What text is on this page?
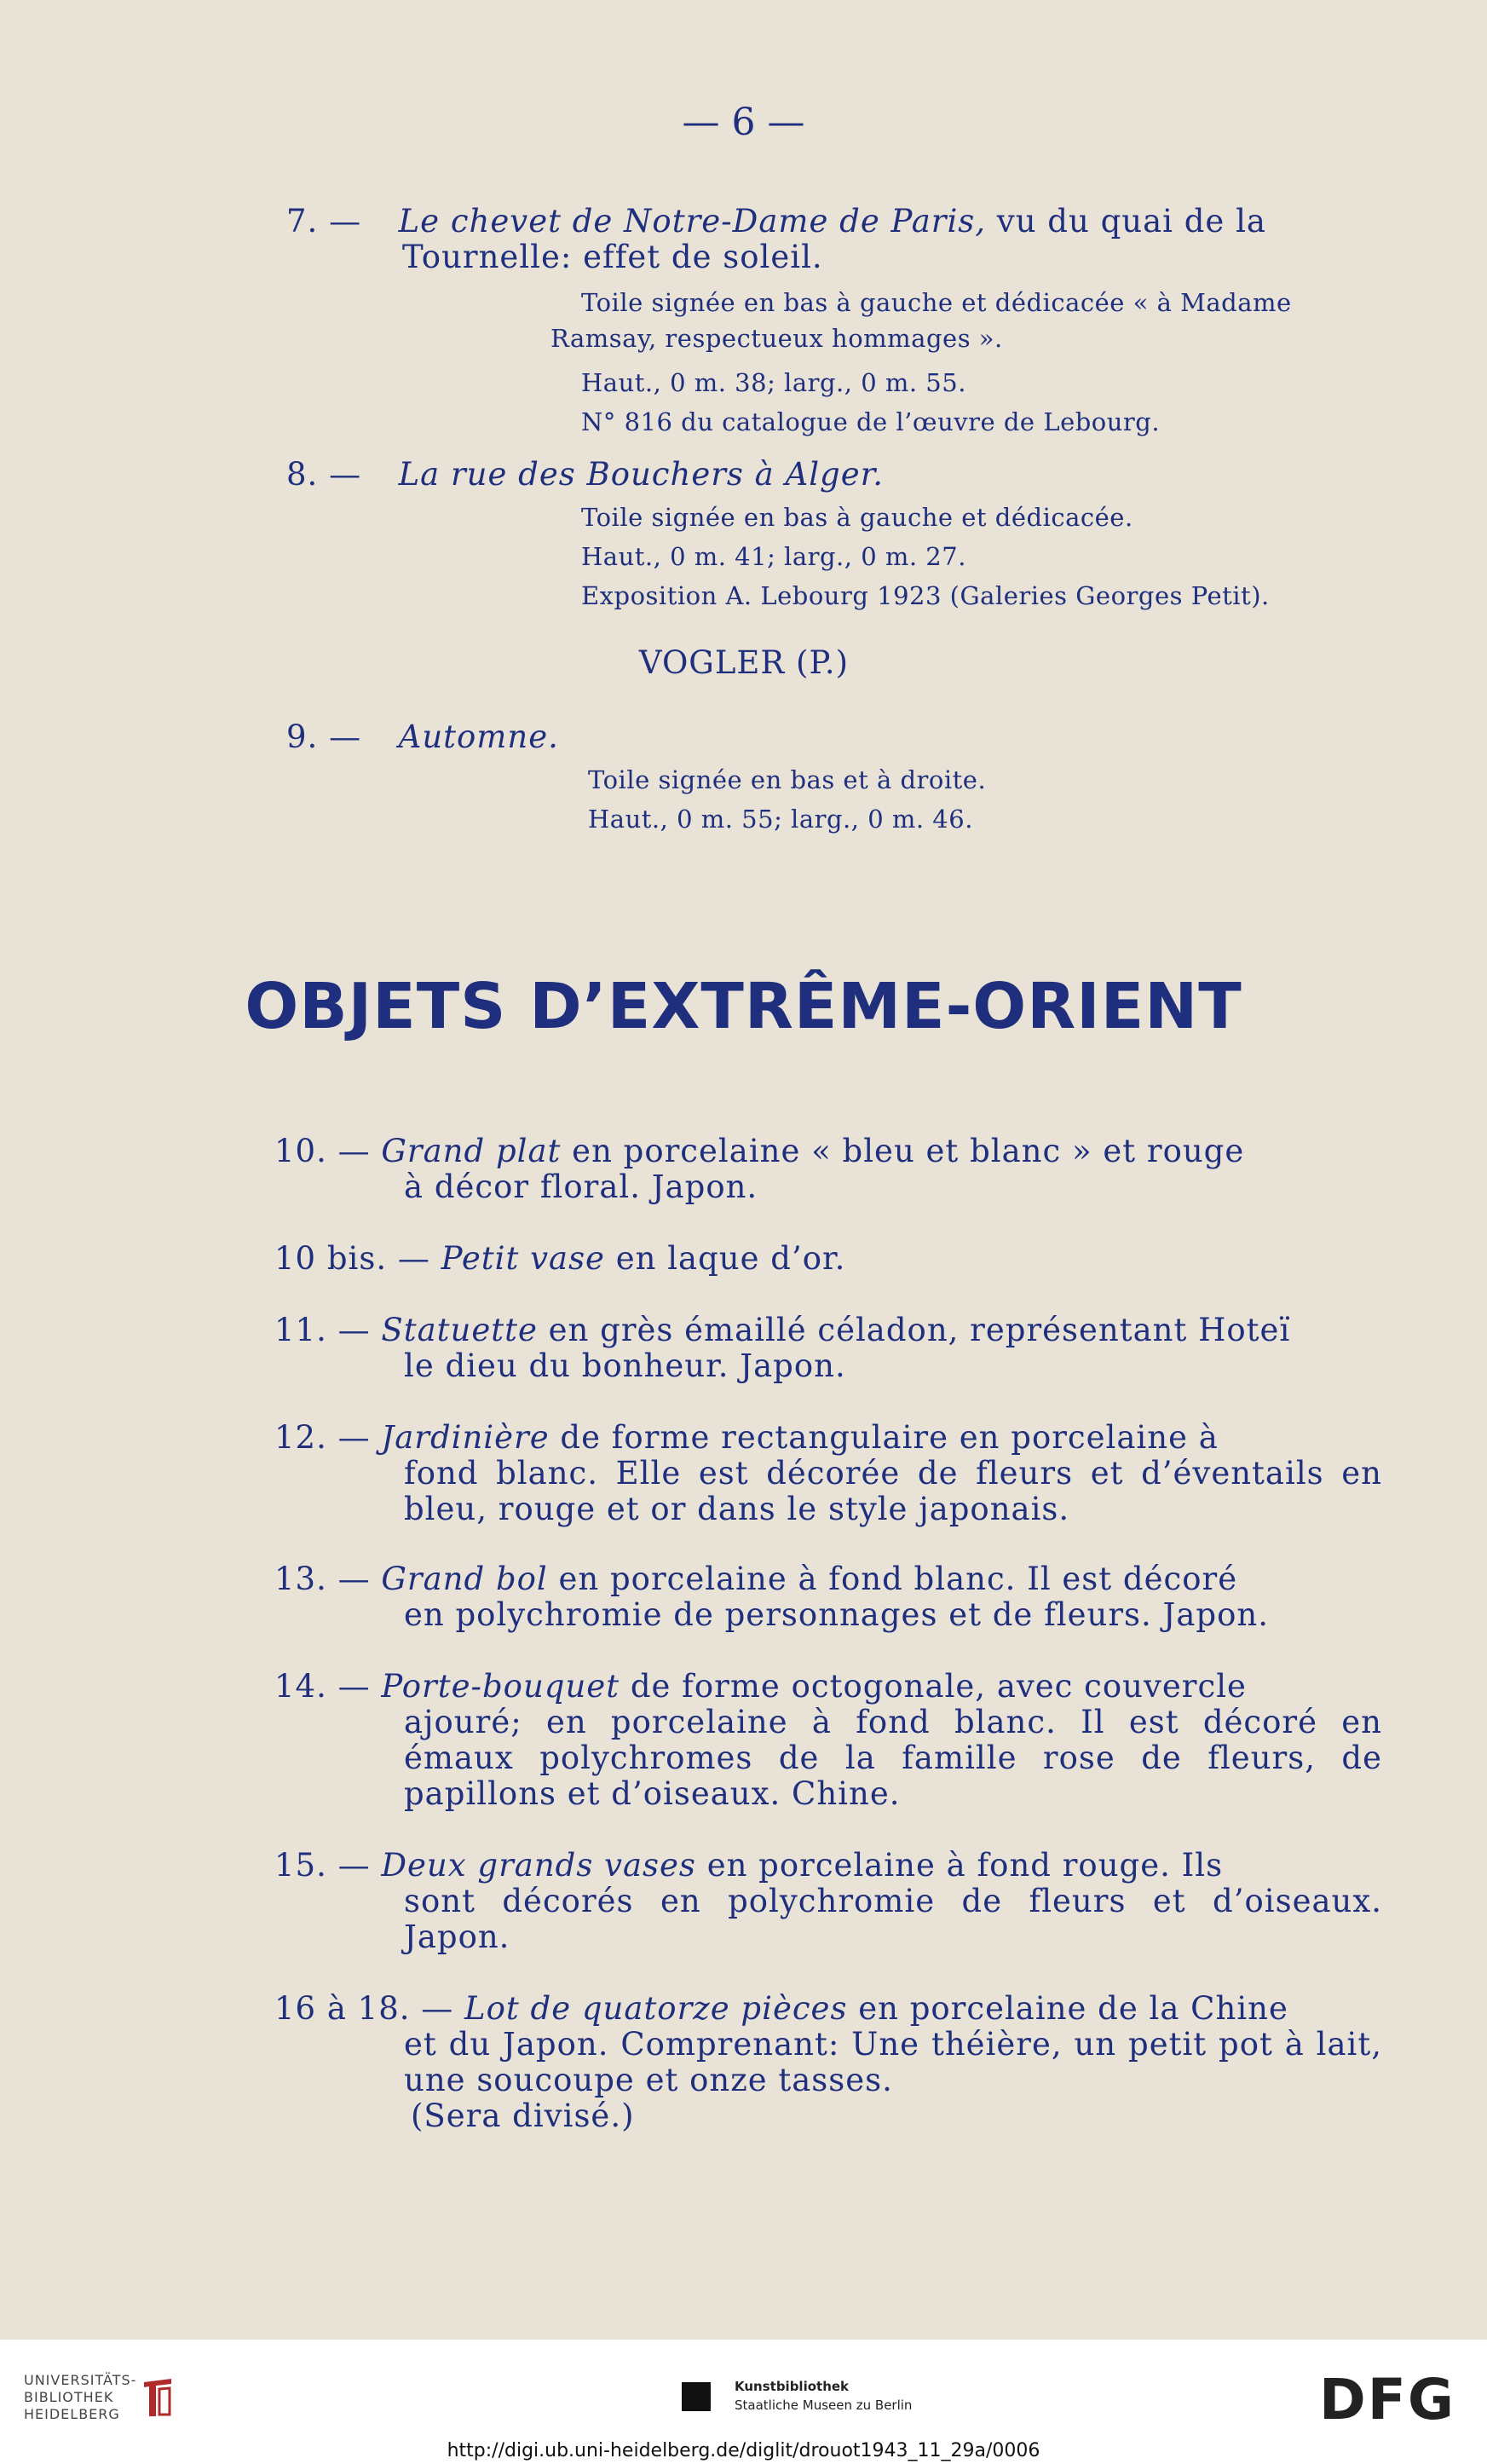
— 6 —
7. — Le chevet de Notre-Dame de Paris, vu du quai de la
Tournelle: effet de soleil.

Toile signée en bas à gauche et dédicacée « à Madame

Ramsay, respectueux hommages ».

Haut., 0 m. 38; larg., 0 m. 55.

N° 816 du catalogue de l’œuvre de Lebourg.

8. — La rue des Bouchers à Alger.

Toile signée en bas à gauche et dédicacée.

Haut., 0 m. 41; larg., 0 m. 27.

Exposition A. Lebourg 1923 (Galeries Georges Petit).

VOGLER (P.)
9. — Automne.

Toile signée en bas et à droite.

Haut., 0 m. 55; larg., 0 m. 46.

OBJETS D’EXTRÊME-ORIENT
10. — Grand plat en porcelaine « bleu et blanc » et rouge
à décor floral. Japon.
10 bis. — Petit vase en laque d’or.
11. — Statuette en grès émaillé céladon, représentant Hoteï
le dieu du bonheur. Japon.
12. — Jardinière de forme rectangulaire en porcelaine à
fond blanc. Elle est décorée de fleurs et d’éventails en bleu, rouge et or dans le style japonais.
13. — Grand bol en porcelaine à fond blanc. Il est décoré
en polychromie de personnages et de fleurs. Japon.
14. — Porte-bouquet de forme octogonale, avec couvercle
ajouré; en porcelaine à fond blanc. Il est décoré en émaux polychromes de la famille rose de fleurs, de papillons et d’oiseaux. Chine.
15. — Deux grands vases en porcelaine à fond rouge. Ils
sont décorés en polychromie de fleurs et d’oiseaux. Japon.
16 à 18. — Lot de quatorze pièces en porcelaine de la Chine
et du Japon. Comprenant: Une théière, un petit pot à lait, une soucoupe et onze tasses.
(Sera divisé.)
UNIVERSITÄTS-
BIBLIOTHEK
HEIDELBERG
Kunstbibliothek
Staatliche Museen zu Berlin	DFG
http://digi.ub.uni-heidelberg.de/diglit/drouot1943_11_29a/0006
